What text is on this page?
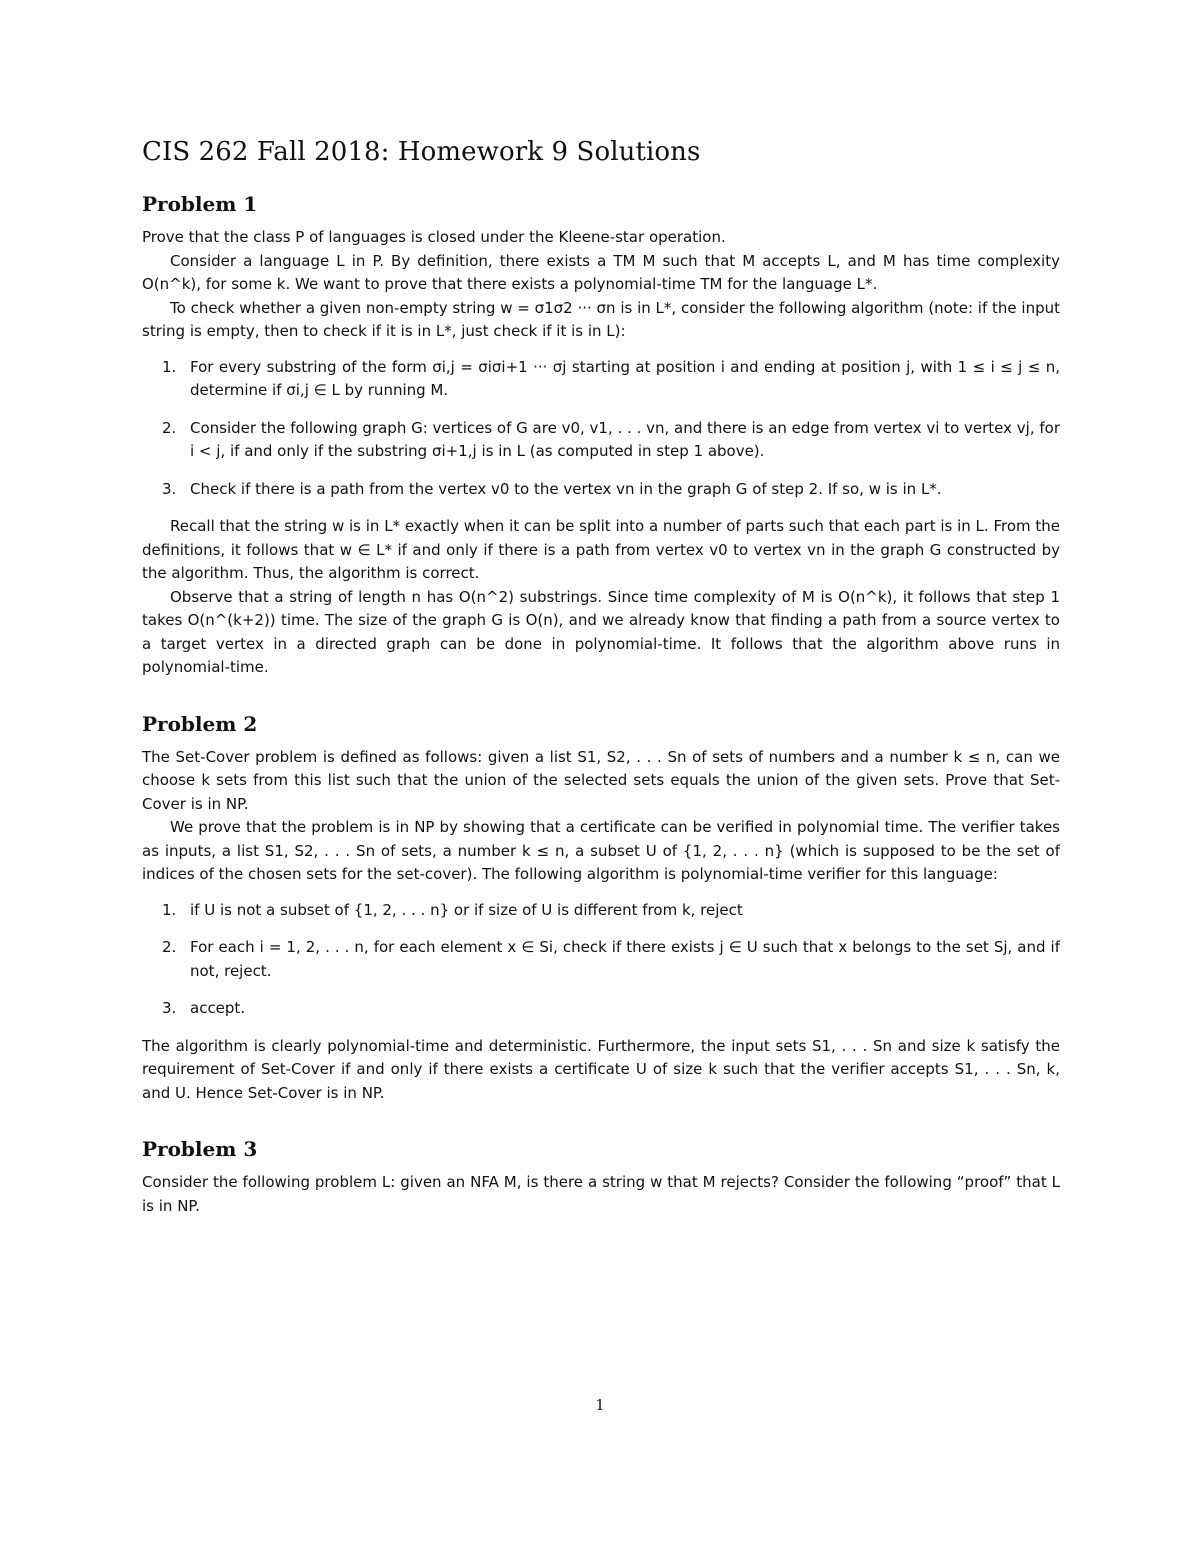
CIS 262 Fall 2018: Homework 9 Solutions
Problem 1

Prove that the class P of languages is closed under the Kleene-star operation.

Consider a language L in P. By definition, there exists a TM M such that M accepts L, and M has time complexity O(n^k), for some k. We want to prove that there exists a polynomial-time TM for the language L*.

To check whether a given non-empty string w = σ1σ2 ··· σn is in L*, consider the following algorithm (note: if the input string is empty, then to check if it is in L*, just check if it is in L):

1. For every substring of the form σi,j = σiσi+1 ··· σj starting at position i and ending at position j, with 1 ≤ i ≤ j ≤ n, determine if σi,j ∈ L by running M.
2. Consider the following graph G: vertices of G are v0, v1, . . . vn, and there is an edge from vertex vi to vertex vj, for i < j, if and only if the substring σi+1,j is in L (as computed in step 1 above).
3. Check if there is a path from the vertex v0 to the vertex vn in the graph G of step 2. If so, w is in L*.

Recall that the string w is in L* exactly when it can be split into a number of parts such that each part is in L. From the definitions, it follows that w ∈ L* if and only if there is a path from vertex v0 to vertex vn in the graph G constructed by the algorithm. Thus, the algorithm is correct.

Observe that a string of length n has O(n^2) substrings. Since time complexity of M is O(n^k), it follows that step 1 takes O(n^(k+2)) time. The size of the graph G is O(n), and we already know that finding a path from a source vertex to a target vertex in a directed graph can be done in polynomial-time. It follows that the algorithm above runs in polynomial-time.

Problem 2

The Set-Cover problem is defined as follows: given a list S1, S2, . . . Sn of sets of numbers and a number k ≤ n, can we choose k sets from this list such that the union of the selected sets equals the union of the given sets. Prove that Set-Cover is in NP.

We prove that the problem is in NP by showing that a certificate can be verified in polynomial time. The verifier takes as inputs, a list S1, S2, . . . Sn of sets, a number k ≤ n, a subset U of {1, 2, . . . n} (which is supposed to be the set of indices of the chosen sets for the set-cover). The following algorithm is polynomial-time verifier for this language:

1. if U is not a subset of {1, 2, . . . n} or if size of U is different from k, reject
2. For each i = 1, 2, . . . n, for each element x ∈ Si, check if there exists j ∈ U such that x belongs to the set Sj, and if not, reject.
3. accept.

The algorithm is clearly polynomial-time and deterministic. Furthermore, the input sets S1, . . . Sn and size k satisfy the requirement of Set-Cover if and only if there exists a certificate U of size k such that the verifier accepts S1, . . . Sn, k, and U. Hence Set-Cover is in NP.

Problem 3

Consider the following problem L: given an NFA M, is there a string w that M rejects? Consider the following “proof” that L is in NP.

1
